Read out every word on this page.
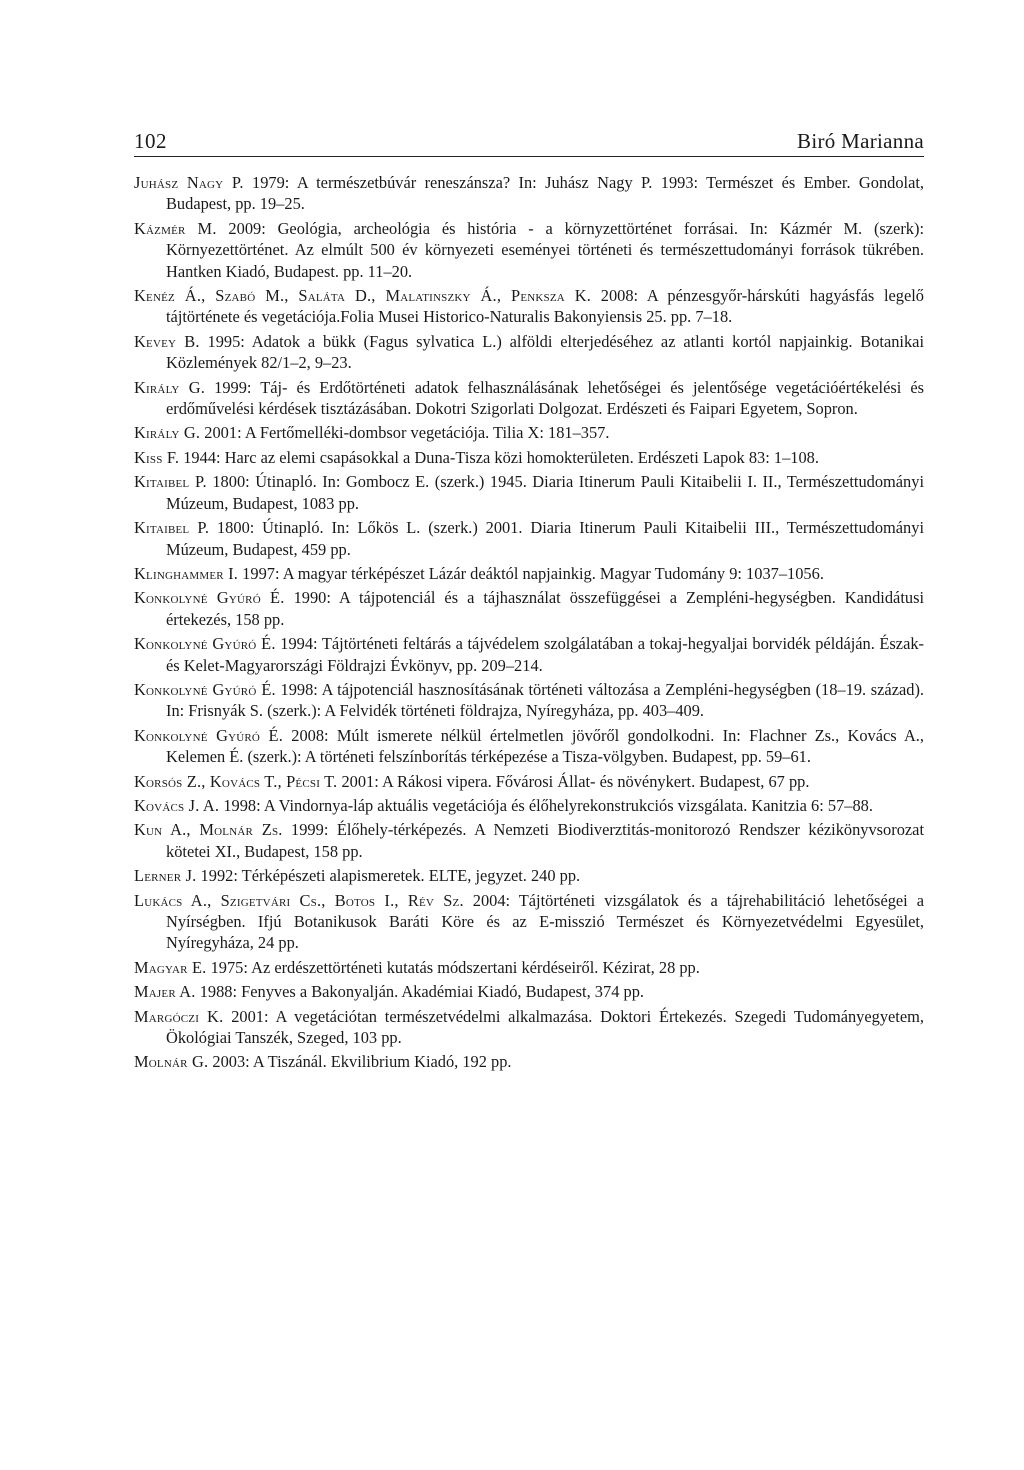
102	Biró Marianna
Juhász Nagy P. 1979: A természetbúvár reneszánsza? In: Juhász Nagy P. 1993: Természet és Ember. Gondolat, Budapest, pp. 19–25.
Kázmér M. 2009: Geológia, archeológia és história - a környzettörténet forrásai. In: Kázmér M. (szerk): Környezettörténet. Az elmúlt 500 év környezeti eseményei történeti és természettudományi források tükrében. Hantken Kiadó, Budapest. pp. 11–20.
Kenéz Á., Szabó M., Saláta D., Malatinszky Á., Penksza K. 2008: A pénzesgyőr-hárskúti hagyásfás legelő tájtörténete és vegetációja.Folia Musei Historico-Naturalis Bakonyiensis 25. pp. 7–18.
Kevey B. 1995: Adatok a bükk (Fagus sylvatica L.) alföldi elterjedéséhez az atlanti kortól napjainkig. Botanikai Közlemények 82/1–2, 9–23.
Király G. 1999: Táj- és Erdőtörténeti adatok felhasználásának lehetőségei és jelentősége vegetációértékelési és erdőművelési kérdések tisztázásában. Dokotri Szigorlati Dolgozat. Erdészeti és Faipari Egyetem, Sopron.
Király G. 2001: A Fertőmelléki-dombsor vegetációja. Tilia X: 181–357.
Kiss F. 1944: Harc az elemi csapásokkal a Duna-Tisza közi homokterületen. Erdészeti Lapok 83: 1–108.
Kitaibel P. 1800: Útinapló. In: Gombocz E. (szerk.) 1945. Diaria Itinerum Pauli Kitaibelii I. II., Természettudományi Múzeum, Budapest, 1083 pp.
Kitaibel P. 1800: Útinapló. In: Lőkös L. (szerk.) 2001. Diaria Itinerum Pauli Kitaibelii III., Természettudományi Múzeum, Budapest, 459 pp.
Klinghammer I. 1997: A magyar térképészet Lázár deáktól napjainkig. Magyar Tudomány 9: 1037–1056.
Konkolyné Gyúró É. 1990: A tájpotenciál és a tájhasználat összefüggései a Zempléni-hegységben. Kandidátusi értekezés, 158 pp.
Konkolyné Gyúró É. 1994: Tájtörténeti feltárás a tájvédelem szolgálatában a tokaj-hegyaljai borvidék példáján. Észak- és Kelet-Magyarországi Földrajzi Évkönyv, pp. 209–214.
Konkolyné Gyúró É. 1998: A tájpotenciál hasznosításának történeti változása a Zempléni-hegységben (18–19. század). In: Frisnyák S. (szerk.): A Felvidék történeti földrajza, Nyíregyháza, pp. 403–409.
Konkolyné Gyúró É. 2008: Múlt ismerete nélkül értelmetlen jövőről gondolkodni. In: Flachner Zs., Kovács A., Kelemen É. (szerk.): A történeti felszínborítás térképezése a Tisza-völgyben. Budapest, pp. 59–61.
Korsós Z., Kovács T., Pécsi T. 2001: A Rákosi vipera. Fővárosi Állat- és növénykert. Budapest, 67 pp.
Kovács J. A. 1998: A Vindornya-láp aktuális vegetációja és élőhelyrekonstrukciós vizsgálata. Kanitzia 6: 57–88.
Kun A., Molnár Zs. 1999: Élőhely-térképezés. A Nemzeti Biodiverztitás-monitorozó Rendszer kézikönyvsorozat kötetei XI., Budapest, 158 pp.
Lerner J. 1992: Térképészeti alapismeretek. ELTE, jegyzet. 240 pp.
Lukács A., Szigetvári Cs., Botos I., Rév Sz. 2004: Tájtörténeti vizsgálatok és a tájrehabilitáció lehetőségei a Nyírségben. Ifjú Botanikusok Baráti Köre és az E-misszió Természet és Környezetvédelmi Egyesület, Nyíregyháza, 24 pp.
Magyar E. 1975: Az erdészettörténeti kutatás módszertani kérdéseiről. Kézirat, 28 pp.
Majer A. 1988: Fenyves a Bakonyalján. Akadémiai Kiadó, Budapest, 374 pp.
Margóczi K. 2001: A vegetációtan természetvédelmi alkalmazása. Doktori Értekezés. Szegedi Tudományegyetem, Ökológiai Tanszék, Szeged, 103 pp.
Molnár G. 2003: A Tiszánál. Ekvilibrium Kiadó, 192 pp.
